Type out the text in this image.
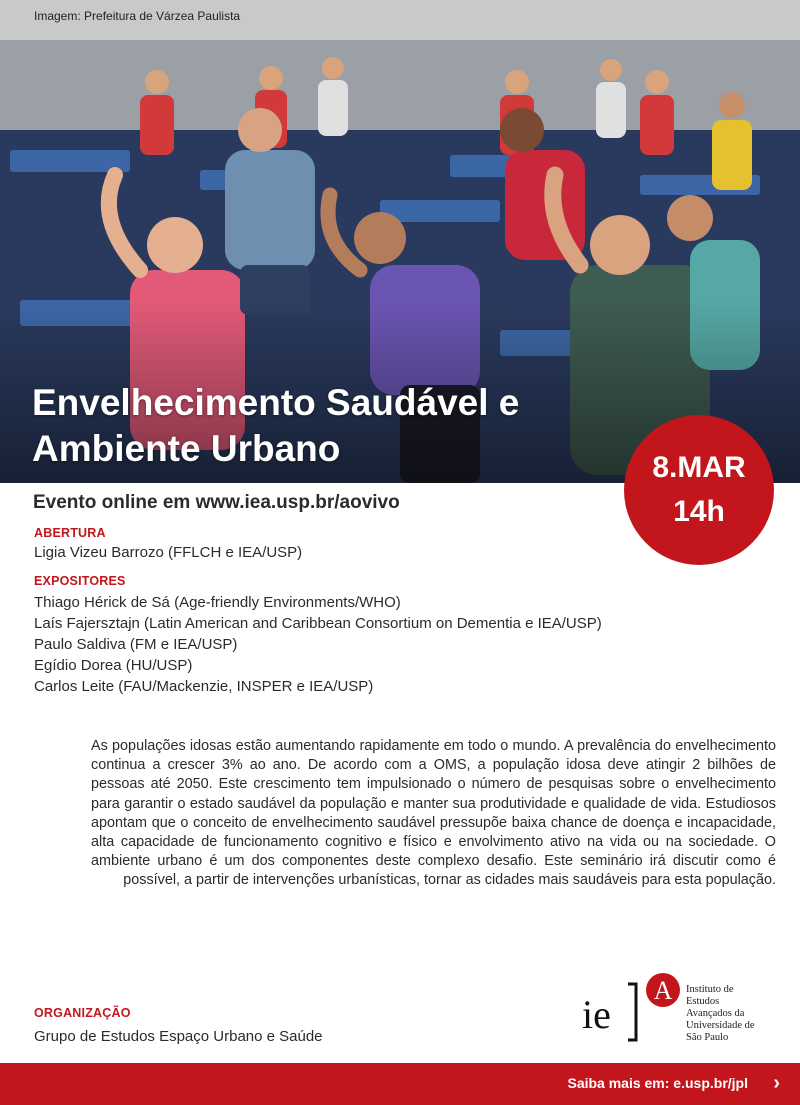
Imagem: Prefeitura de Várzea Paulista
Envelhecimento Saudável e
Ambiente Urbano	8.MAR
14h
Evento online em www.iea.usp.br/aovivo
ABERTURA
Ligia Vizeu Barrozo (FFLCH e IEA/USP)
EXPOSITORES
Thiago Hérick de Sá (Age-friendly Environments/WHO)
Laís Fajersztajn (Latin American and Caribbean Consortium on Dementia e IEA/USP)
Paulo Saldiva (FM e IEA/USP)
Egídio Dorea (HU/USP)
Carlos Leite (FAU/Mackenzie, INSPER e IEA/USP)

As populações idosas estão aumentando rapidamente em todo o mundo. A prevalência do envelhecimento continua a crescer 3% ao ano. De acordo com a OMS, a população idosa deve atingir 2 bilhões de pessoas até 2050. Este crescimento tem impulsionado o número de pesquisas sobre o envelhecimento para garantir o estado saudável da população e manter sua produtividade e qualidade de vida. Estudiosos apontam que o conceito de envelhecimento saudável pressupõe baixa chance de doença e incapacidade, alta capacidade de funcionamento cognitivo e físico e envolvimento ativo na vida ou na sociedade. O ambiente urbano é um dos componentes deste complexo desafio. Este seminário irá discutir como é possível, a partir de intervenções urbanísticas, tornar as cidades mais saudáveis para esta população.

ORGANIZAÇÃO
Grupo de Estudos Espaço Urbano e Saúde	ie
A Instituto de
Estudos
Avançados da
Universidade de
São Paulo
Saiba mais em: e.usp.br/jpl ›
